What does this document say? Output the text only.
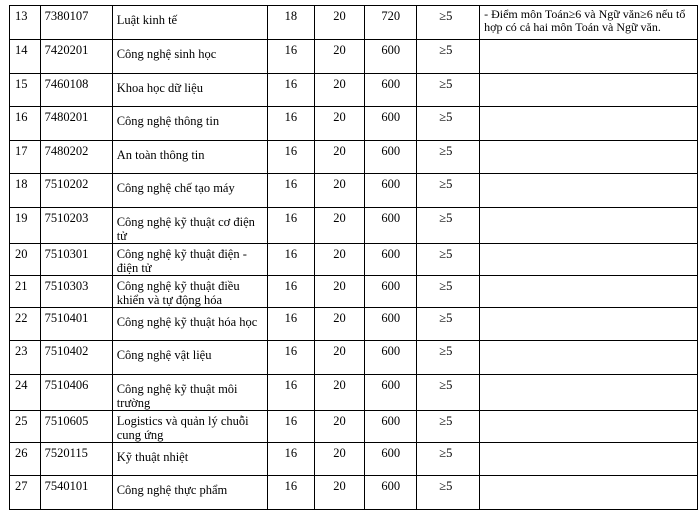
13	7380107	Luật kinh tế	18	20	720	≥5	- Điểm môn Toán≥6 và Ngữ văn≥6 nếu tổ hợp có cả hai môn Toán và Ngữ văn.
14	7420201	Công nghệ sinh học	16	20	600	≥5	
15	7460108	Khoa học dữ liệu	16	20	600	≥5	
16	7480201	Công nghệ thông tin	16	20	600	≥5	
17	7480202	An toàn thông tin	16	20	600	≥5	
18	7510202	Công nghệ chế tạo máy	16	20	600	≥5	
19	7510203	Công nghệ kỹ thuật cơ điện tử	16	20	600	≥5	
20	7510301	Công nghệ kỹ thuật điện - điện tử	16	20	600	≥5	
21	7510303	Công nghệ kỹ thuật điều khiển và tự động hóa	16	20	600	≥5	
22	7510401	Công nghệ kỹ thuật hóa học	16	20	600	≥5	
23	7510402	Công nghệ vật liệu	16	20	600	≥5	
24	7510406	Công nghệ kỹ thuật môi trường	16	20	600	≥5	
25	7510605	Logistics và quản lý chuỗi cung ứng	16	20	600	≥5	
26	7520115	Kỹ thuật nhiệt	16	20	600	≥5	
27	7540101	Công nghệ thực phẩm	16	20	600	≥5	
